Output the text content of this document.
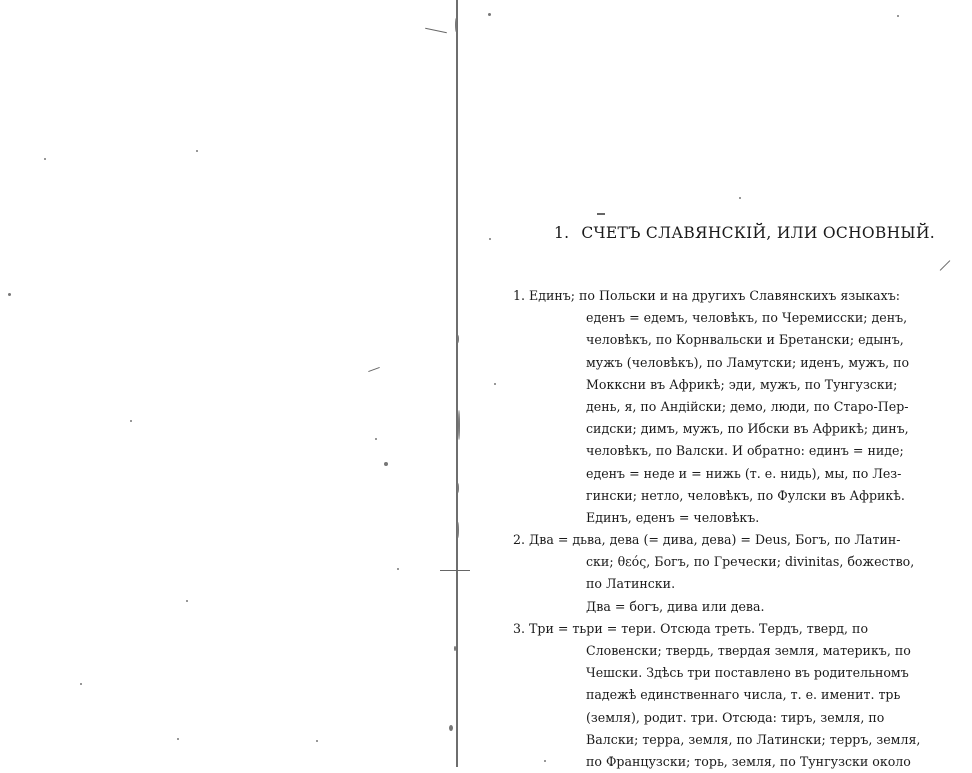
1. СЧЕТЪ СЛАВЯНСКІЙ, ИЛИ ОСНОВНЫЙ.
1. Единъ; по Польски и на другихъ Славянскихъ языкахъ:
еденъ = едемъ, человѣкъ, по Черемисски; денъ,
человѣкъ, по Корнвальски и Бретански; едынъ,
мужъ (человѣкъ), по Ламутски; иденъ, мужъ, по
Мокксни въ Африкѣ; эди, мужъ, по Тунгузски;
день, я, по Андійски; демо, люди, по Старо-Пер-
сидски; димъ, мужъ, по Ибски въ Африкѣ; динъ,
человѣкъ, по Валски. И обратно: единъ = ниде;
еденъ = неде и = нижь (т. е. нидь), мы, по Лез-
гински; нетло, человѣкъ, по Фулски въ Африкѣ.
Единъ, еденъ = человѣкъ.
2. Два = дьва, дева (= дива, дева) = Deus, Богъ, по Латин-
ски; θεός, Богъ, по Гречески; divinitas, божество,
по Латински.
Два = богъ, дива или дева.
3. Три = тьри = тери. Отсюда треть. Тердъ, тверд, по
Словенски; твердь, твердая земля, материкъ, по
Чешски. Здѣсь три поставлено въ родительномъ
падежѣ единственнаго числа, т. е. именит. трь
(земля), родит. три. Отсюда: тиръ, земля, по
Валски; терра, земля, по Латински; терръ, земля,
по Французски; торь, земля, по Тунгузски около
